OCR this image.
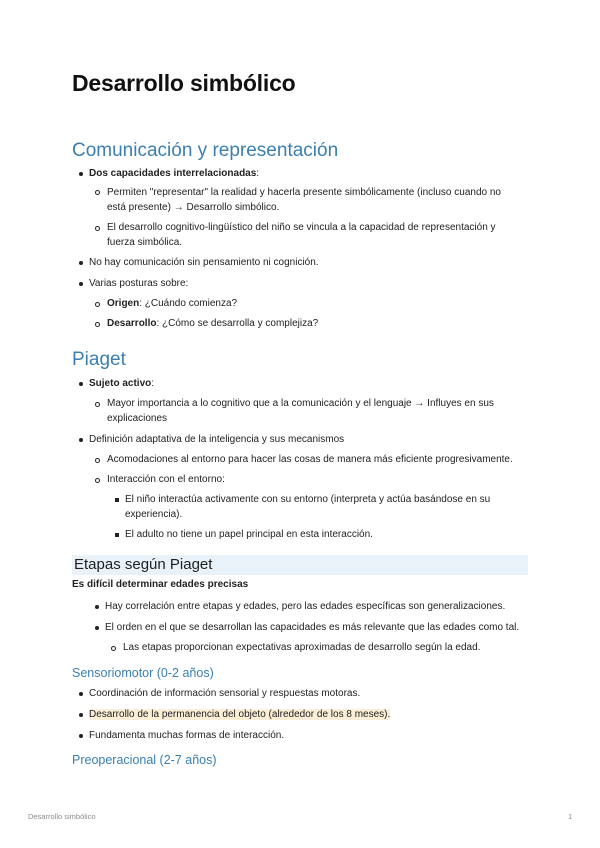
Desarrollo simbólico
Comunicación y representación
Dos capacidades interrelacionadas:
Permiten "representar" la realidad y hacerla presente simbólicamente (incluso cuando no
está presente) → Desarrollo simbólico.
El desarrollo cognitivo-lingüístico del niño se vincula a la capacidad de representación y
fuerza simbólica.
No hay comunicación sin pensamiento ni cognición.
Varias posturas sobre:
Origen: ¿Cuándo comienza?
Desarrollo: ¿Cómo se desarrolla y complejiza?
Piaget
Sujeto activo:
Mayor importancia a lo cognitivo que a la comunicación y el lenguaje → Influyes en sus
explicaciones
Definición adaptativa de la inteligencia y sus mecanismos
Acomodaciones al entorno para hacer las cosas de manera más eficiente progresivamente.
Interacción con el entorno:
El niño interactúa activamente con su entorno (interpreta y actúa basándose en su
experiencia).
El adulto no tiene un papel principal en esta interacción.
Etapas según Piaget
Es difícil determinar edades precisas
Hay correlación entre etapas y edades, pero las edades específicas son generalizaciones.
El orden en el que se desarrollan las capacidades es más relevante que las edades como tal.
Las etapas proporcionan expectativas aproximadas de desarrollo según la edad.
Sensoriomotor (0-2 años)
Coordinación de información sensorial y respuestas motoras.
Desarrollo de la permanencia del objeto (alrededor de los 8 meses).
Fundamenta muchas formas de interacción.
Preoperacional (2-7 años)
Desarrollo simbólico	1
